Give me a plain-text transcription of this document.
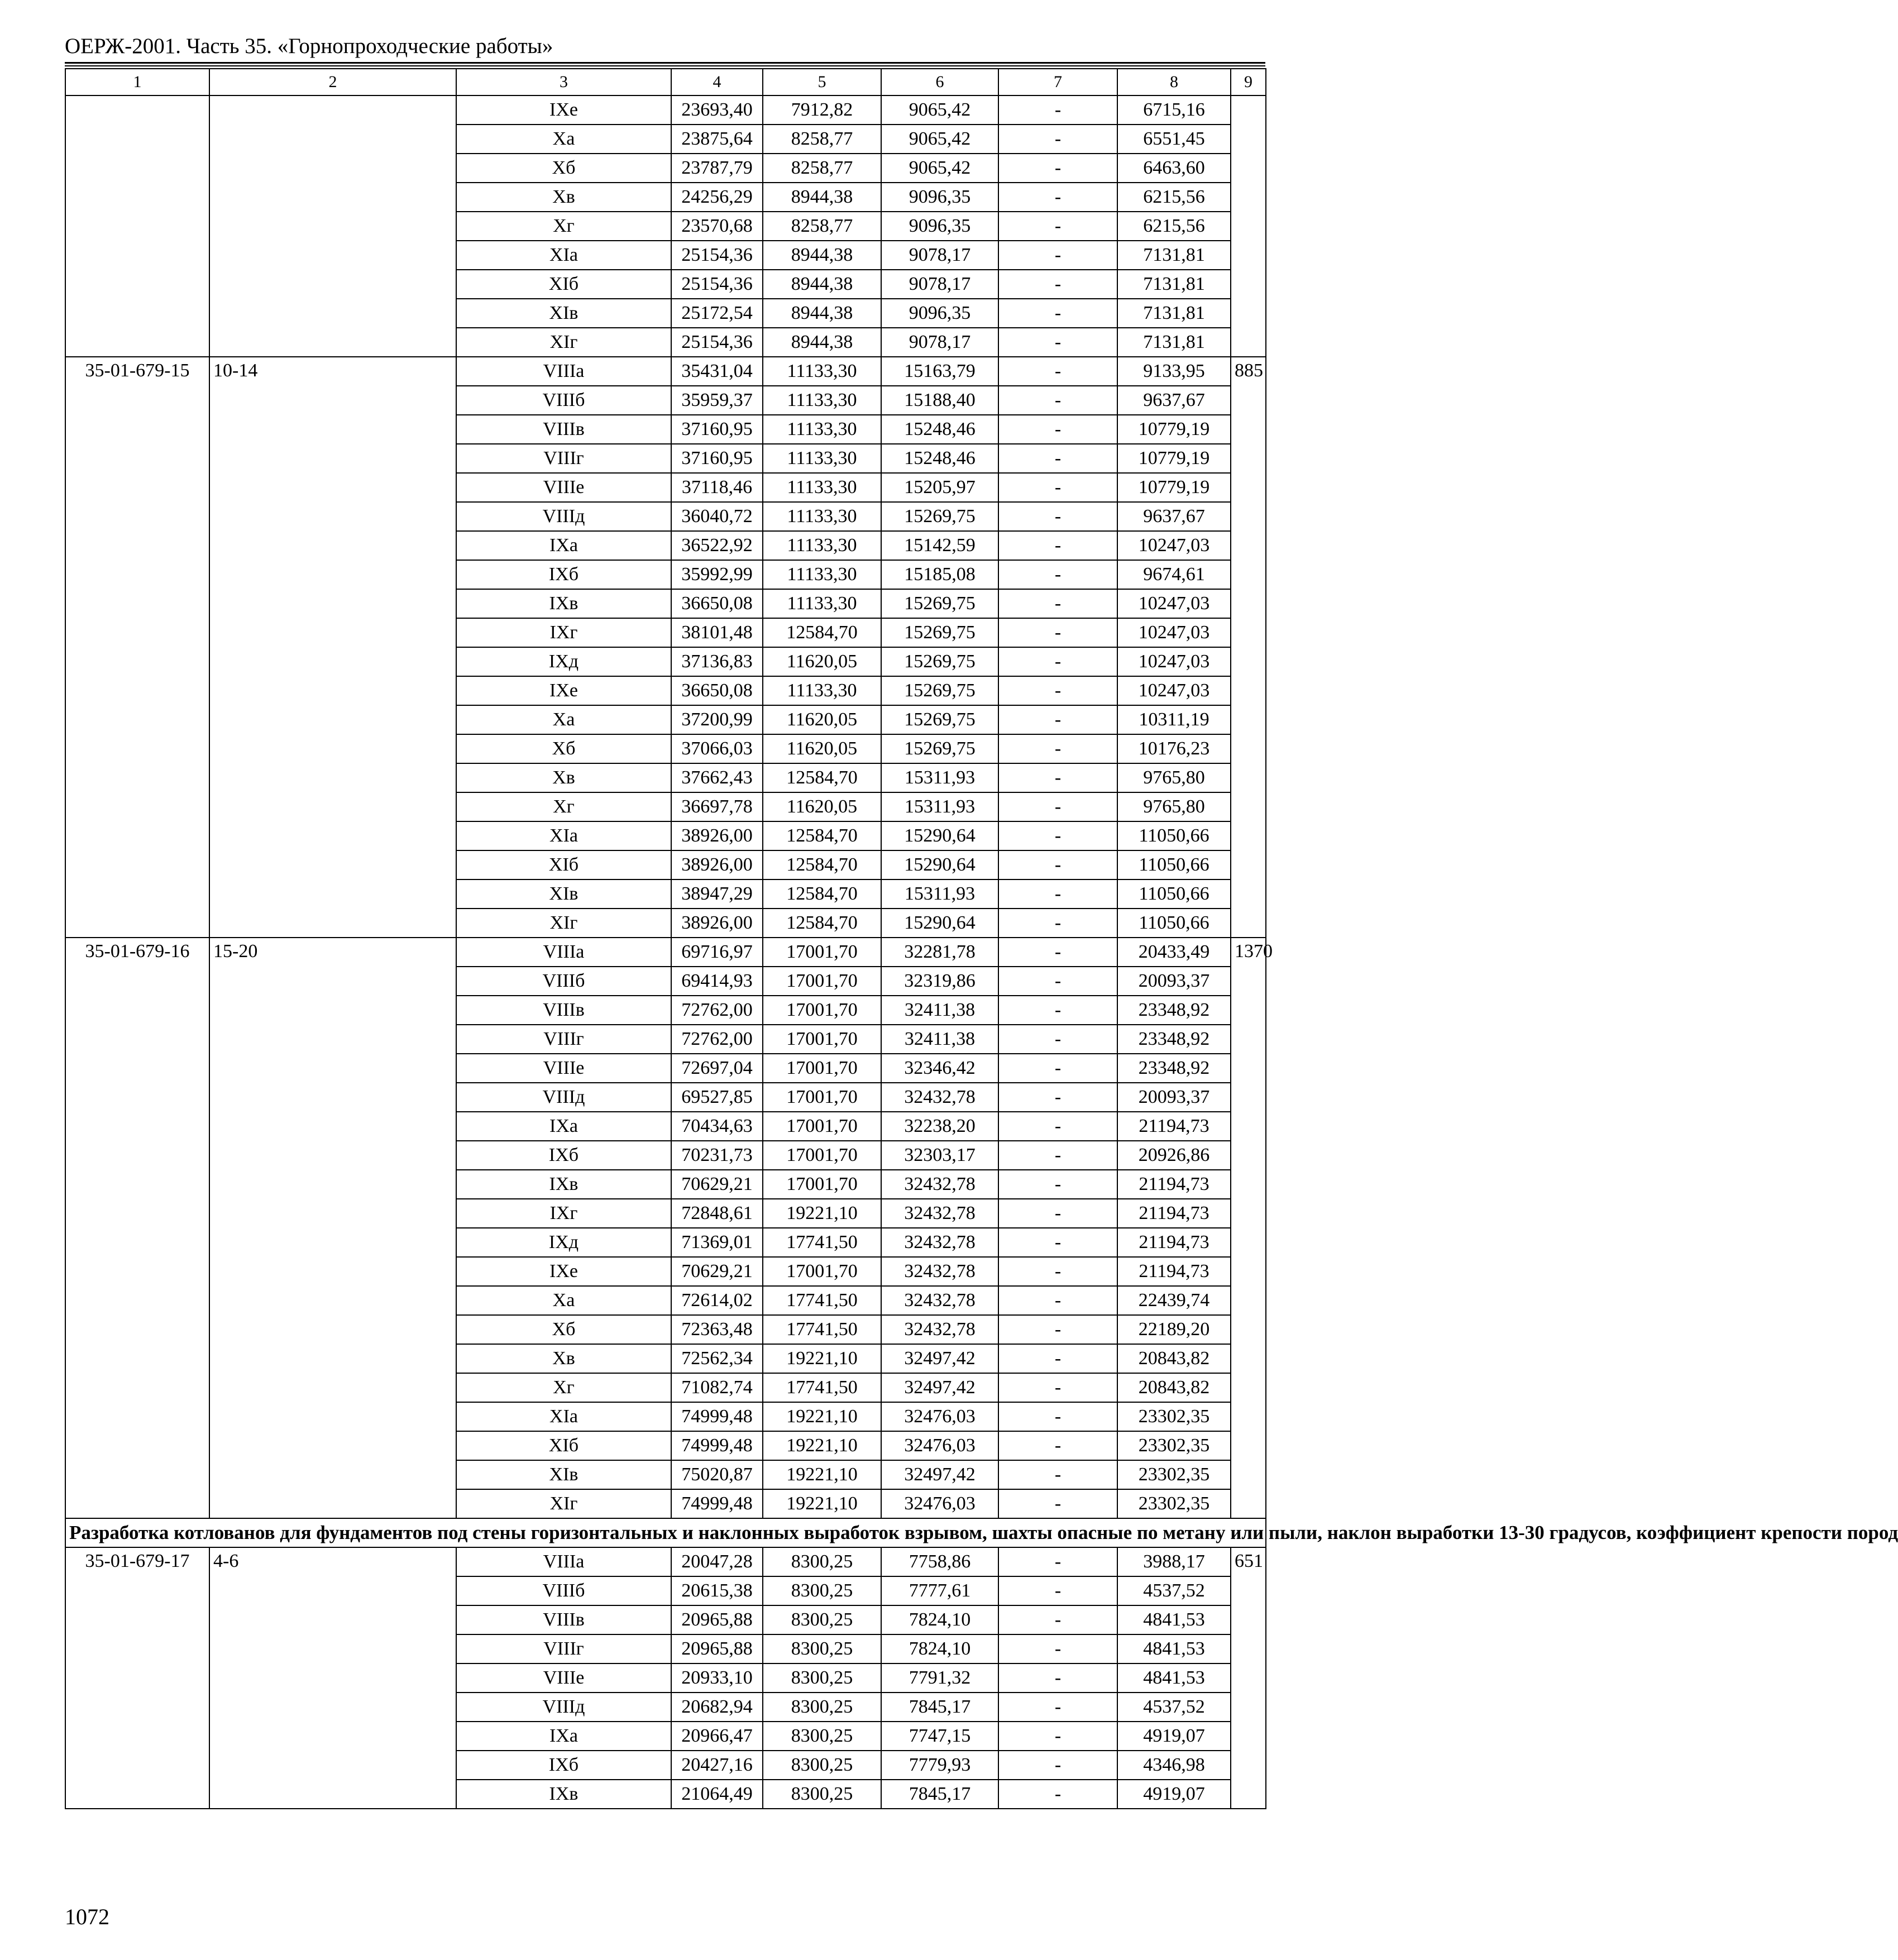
ОЕРЖ-2001. Часть 35. «Горнопроходческие работы»
1	2	3	4	5	6	7	8	9
		IXe	23693,40	7912,82	9065,42	-	6715,16	
		Xa	23875,64	8258,77	9065,42	-	6551,45	
		Xб	23787,79	8258,77	9065,42	-	6463,60	
		Xв	24256,29	8944,38	9096,35	-	6215,56	
		Xг	23570,68	8258,77	9096,35	-	6215,56	
		XIa	25154,36	8944,38	9078,17	-	7131,81	
		XIб	25154,36	8944,38	9078,17	-	7131,81	
		XIв	25172,54	8944,38	9096,35	-	7131,81	
		XIг	25154,36	8944,38	9078,17	-	7131,81	
35-01-679-15	10-14	VIIIa	35431,04	11133,30	15163,79	-	9133,95	885
		VIIIб	35959,37	11133,30	15188,40	-	9637,67	
		VIIIв	37160,95	11133,30	15248,46	-	10779,19	
		VIIIг	37160,95	11133,30	15248,46	-	10779,19	
		VIIIe	37118,46	11133,30	15205,97	-	10779,19	
		VIIIд	36040,72	11133,30	15269,75	-	9637,67	
		IXa	36522,92	11133,30	15142,59	-	10247,03	
		IXб	35992,99	11133,30	15185,08	-	9674,61	
		IXв	36650,08	11133,30	15269,75	-	10247,03	
		IXг	38101,48	12584,70	15269,75	-	10247,03	
		IXд	37136,83	11620,05	15269,75	-	10247,03	
		IXe	36650,08	11133,30	15269,75	-	10247,03	
		Xa	37200,99	11620,05	15269,75	-	10311,19	
		Xб	37066,03	11620,05	15269,75	-	10176,23	
		Xв	37662,43	12584,70	15311,93	-	9765,80	
		Xг	36697,78	11620,05	15311,93	-	9765,80	
		XIa	38926,00	12584,70	15290,64	-	11050,66	
		XIб	38926,00	12584,70	15290,64	-	11050,66	
		XIв	38947,29	12584,70	15311,93	-	11050,66	
		XIг	38926,00	12584,70	15290,64	-	11050,66	
35-01-679-16	15-20	VIIIa	69716,97	17001,70	32281,78	-	20433,49	1370
		VIIIб	69414,93	17001,70	32319,86	-	20093,37	
		VIIIв	72762,00	17001,70	32411,38	-	23348,92	
		VIIIг	72762,00	17001,70	32411,38	-	23348,92	
		VIIIe	72697,04	17001,70	32346,42	-	23348,92	
		VIIIд	69527,85	17001,70	32432,78	-	20093,37	
		IXa	70434,63	17001,70	32238,20	-	21194,73	
		IXб	70231,73	17001,70	32303,17	-	20926,86	
		IXв	70629,21	17001,70	32432,78	-	21194,73	
		IXг	72848,61	19221,10	32432,78	-	21194,73	
		IXд	71369,01	17741,50	32432,78	-	21194,73	
		IXe	70629,21	17001,70	32432,78	-	21194,73	
		Xa	72614,02	17741,50	32432,78	-	22439,74	
		Xб	72363,48	17741,50	32432,78	-	22189,20	
		Xв	72562,34	19221,10	32497,42	-	20843,82	
		Xг	71082,74	17741,50	32497,42	-	20843,82	
		XIa	74999,48	19221,10	32476,03	-	23302,35	
		XIб	74999,48	19221,10	32476,03	-	23302,35	
		XIв	75020,87	19221,10	32497,42	-	23302,35	
		XIг	74999,48	19221,10	32476,03	-	23302,35	
Разработка котлованов для фундаментов под стены горизонтальных и наклонных выработок взрывом, шахты опасные по метану или пыли, наклон выработки 13-30 градусов, коэффициент крепости пород								
35-01-679-17	4-6	VIIIa	20047,28	8300,25	7758,86	-	3988,17	651
		VIIIб	20615,38	8300,25	7777,61	-	4537,52	
		VIIIв	20965,88	8300,25	7824,10	-	4841,53	
		VIIIг	20965,88	8300,25	7824,10	-	4841,53	
		VIIIe	20933,10	8300,25	7791,32	-	4841,53	
		VIIIд	20682,94	8300,25	7845,17	-	4537,52	
		IXa	20966,47	8300,25	7747,15	-	4919,07	
		IXб	20427,16	8300,25	7779,93	-	4346,98	
		IXв	21064,49	8300,25	7845,17	-	4919,07	
1072
